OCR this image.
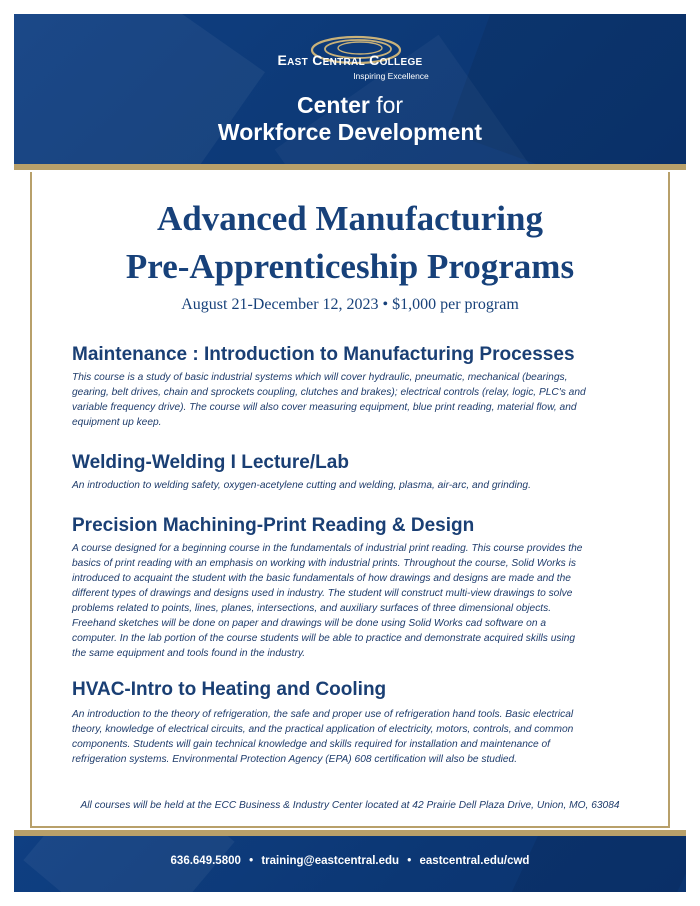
East Central College
Inspiring Excellence
Center for
Workforce Development
Advanced Manufacturing
Pre-Apprenticeship Programs
August 21-December 12, 2023 • $1,000 per program
Maintenance : Introduction to Manufacturing Processes
This course is a study of basic industrial systems which will cover hydraulic, pneumatic, mechanical (bearings,
gearing, belt drives, chain and sprockets coupling, clutches and brakes); electrical controls (relay, logic, PLC's and
variable frequency drive). The course will also cover measuring equipment, blue print reading, material flow, and
equipment up keep.
Welding-Welding I Lecture/Lab
An introduction to welding safety, oxygen-acetylene cutting and welding, plasma, air-arc, and grinding.
Precision Machining-Print Reading & Design
A course designed for a beginning course in the fundamentals of industrial print reading. This course provides the
basics of print reading with an emphasis on working with industrial prints. Throughout the course, Solid Works is
introduced to acquaint the student with the basic fundamentals of how drawings and designs are made and the
different types of drawings and designs used in industry. The student will construct multi-view drawings to solve
problems related to points, lines, planes, intersections, and auxiliary surfaces of three dimensional objects.
Freehand sketches will be done on paper and drawings will be done using Solid Works cad software on a
computer. In the lab portion of the course students will be able to practice and demonstrate acquired skills using
the same equipment and tools found in the industry.
HVAC-Intro to Heating and Cooling
An introduction to the theory of refrigeration, the safe and proper use of refrigeration hand tools. Basic electrical
theory, knowledge of electrical circuits, and the practical application of electricity, motors, controls, and common
components. Students will gain technical knowledge and skills required for installation and maintenance of
refrigeration systems. Environmental Protection Agency (EPA) 608 certification will also be studied.
All courses will be held at the ECC Business & Industry Center located at 42 Prairie Dell Plaza Drive, Union, MO, 63084
636.649.5800 • training@eastcentral.edu • eastcentral.edu/cwd
